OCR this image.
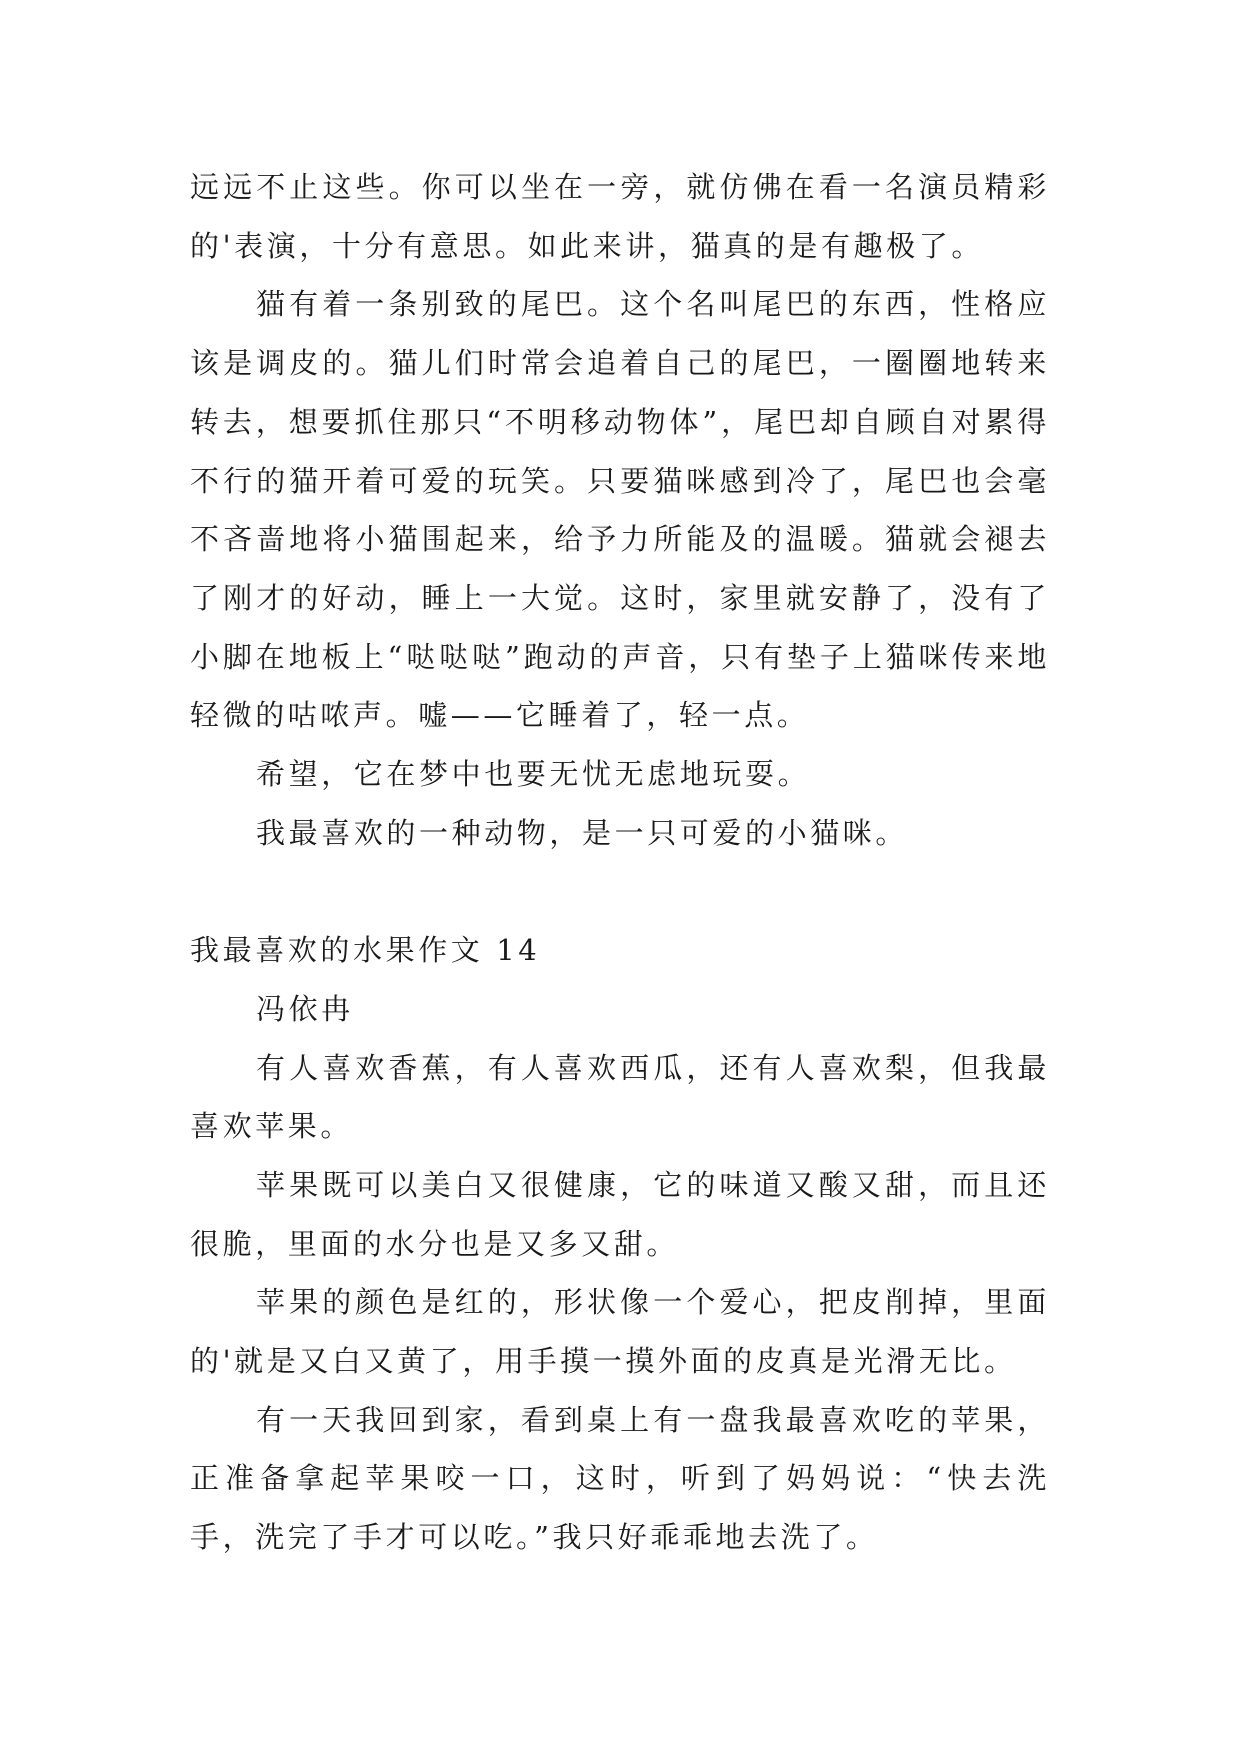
远远不止这些。你可以坐在一旁，就仿佛在看一名演员精彩的'表演，十分有意思。如此来讲，猫真的是有趣极了。

猫有着一条别致的尾巴。这个名叫尾巴的东西，性格应该是调皮的。猫儿们时常会追着自己的尾巴，一圈圈地转来转去，想要抓住那只“不明移动物体”，尾巴却自顾自对累得不行的猫开着可爱的玩笑。只要猫咪感到冷了，尾巴也会毫不吝啬地将小猫围起来，给予力所能及的温暖。猫就会褪去了刚才的好动，睡上一大觉。这时，家里就安静了，没有了小脚在地板上“哒哒哒”跑动的声音，只有垫子上猫咪传来地轻微的咕哝声。嘘——它睡着了，轻一点。

希望，它在梦中也要无忧无虑地玩耍。

我最喜欢的一种动物，是一只可爱的小猫咪。

我最喜欢的水果作文 14

冯依冉

有人喜欢香蕉，有人喜欢西瓜，还有人喜欢梨，但我最喜欢苹果。

苹果既可以美白又很健康，它的味道又酸又甜，而且还很脆，里面的水分也是又多又甜。

苹果的颜色是红的，形状像一个爱心，把皮削掉，里面的'就是又白又黄了，用手摸一摸外面的皮真是光滑无比。

有一天我回到家，看到桌上有一盘我最喜欢吃的苹果，正准备拿起苹果咬一口，这时，听到了妈妈说：“快去洗手，洗完了手才可以吃。”我只好乖乖地去洗了。
